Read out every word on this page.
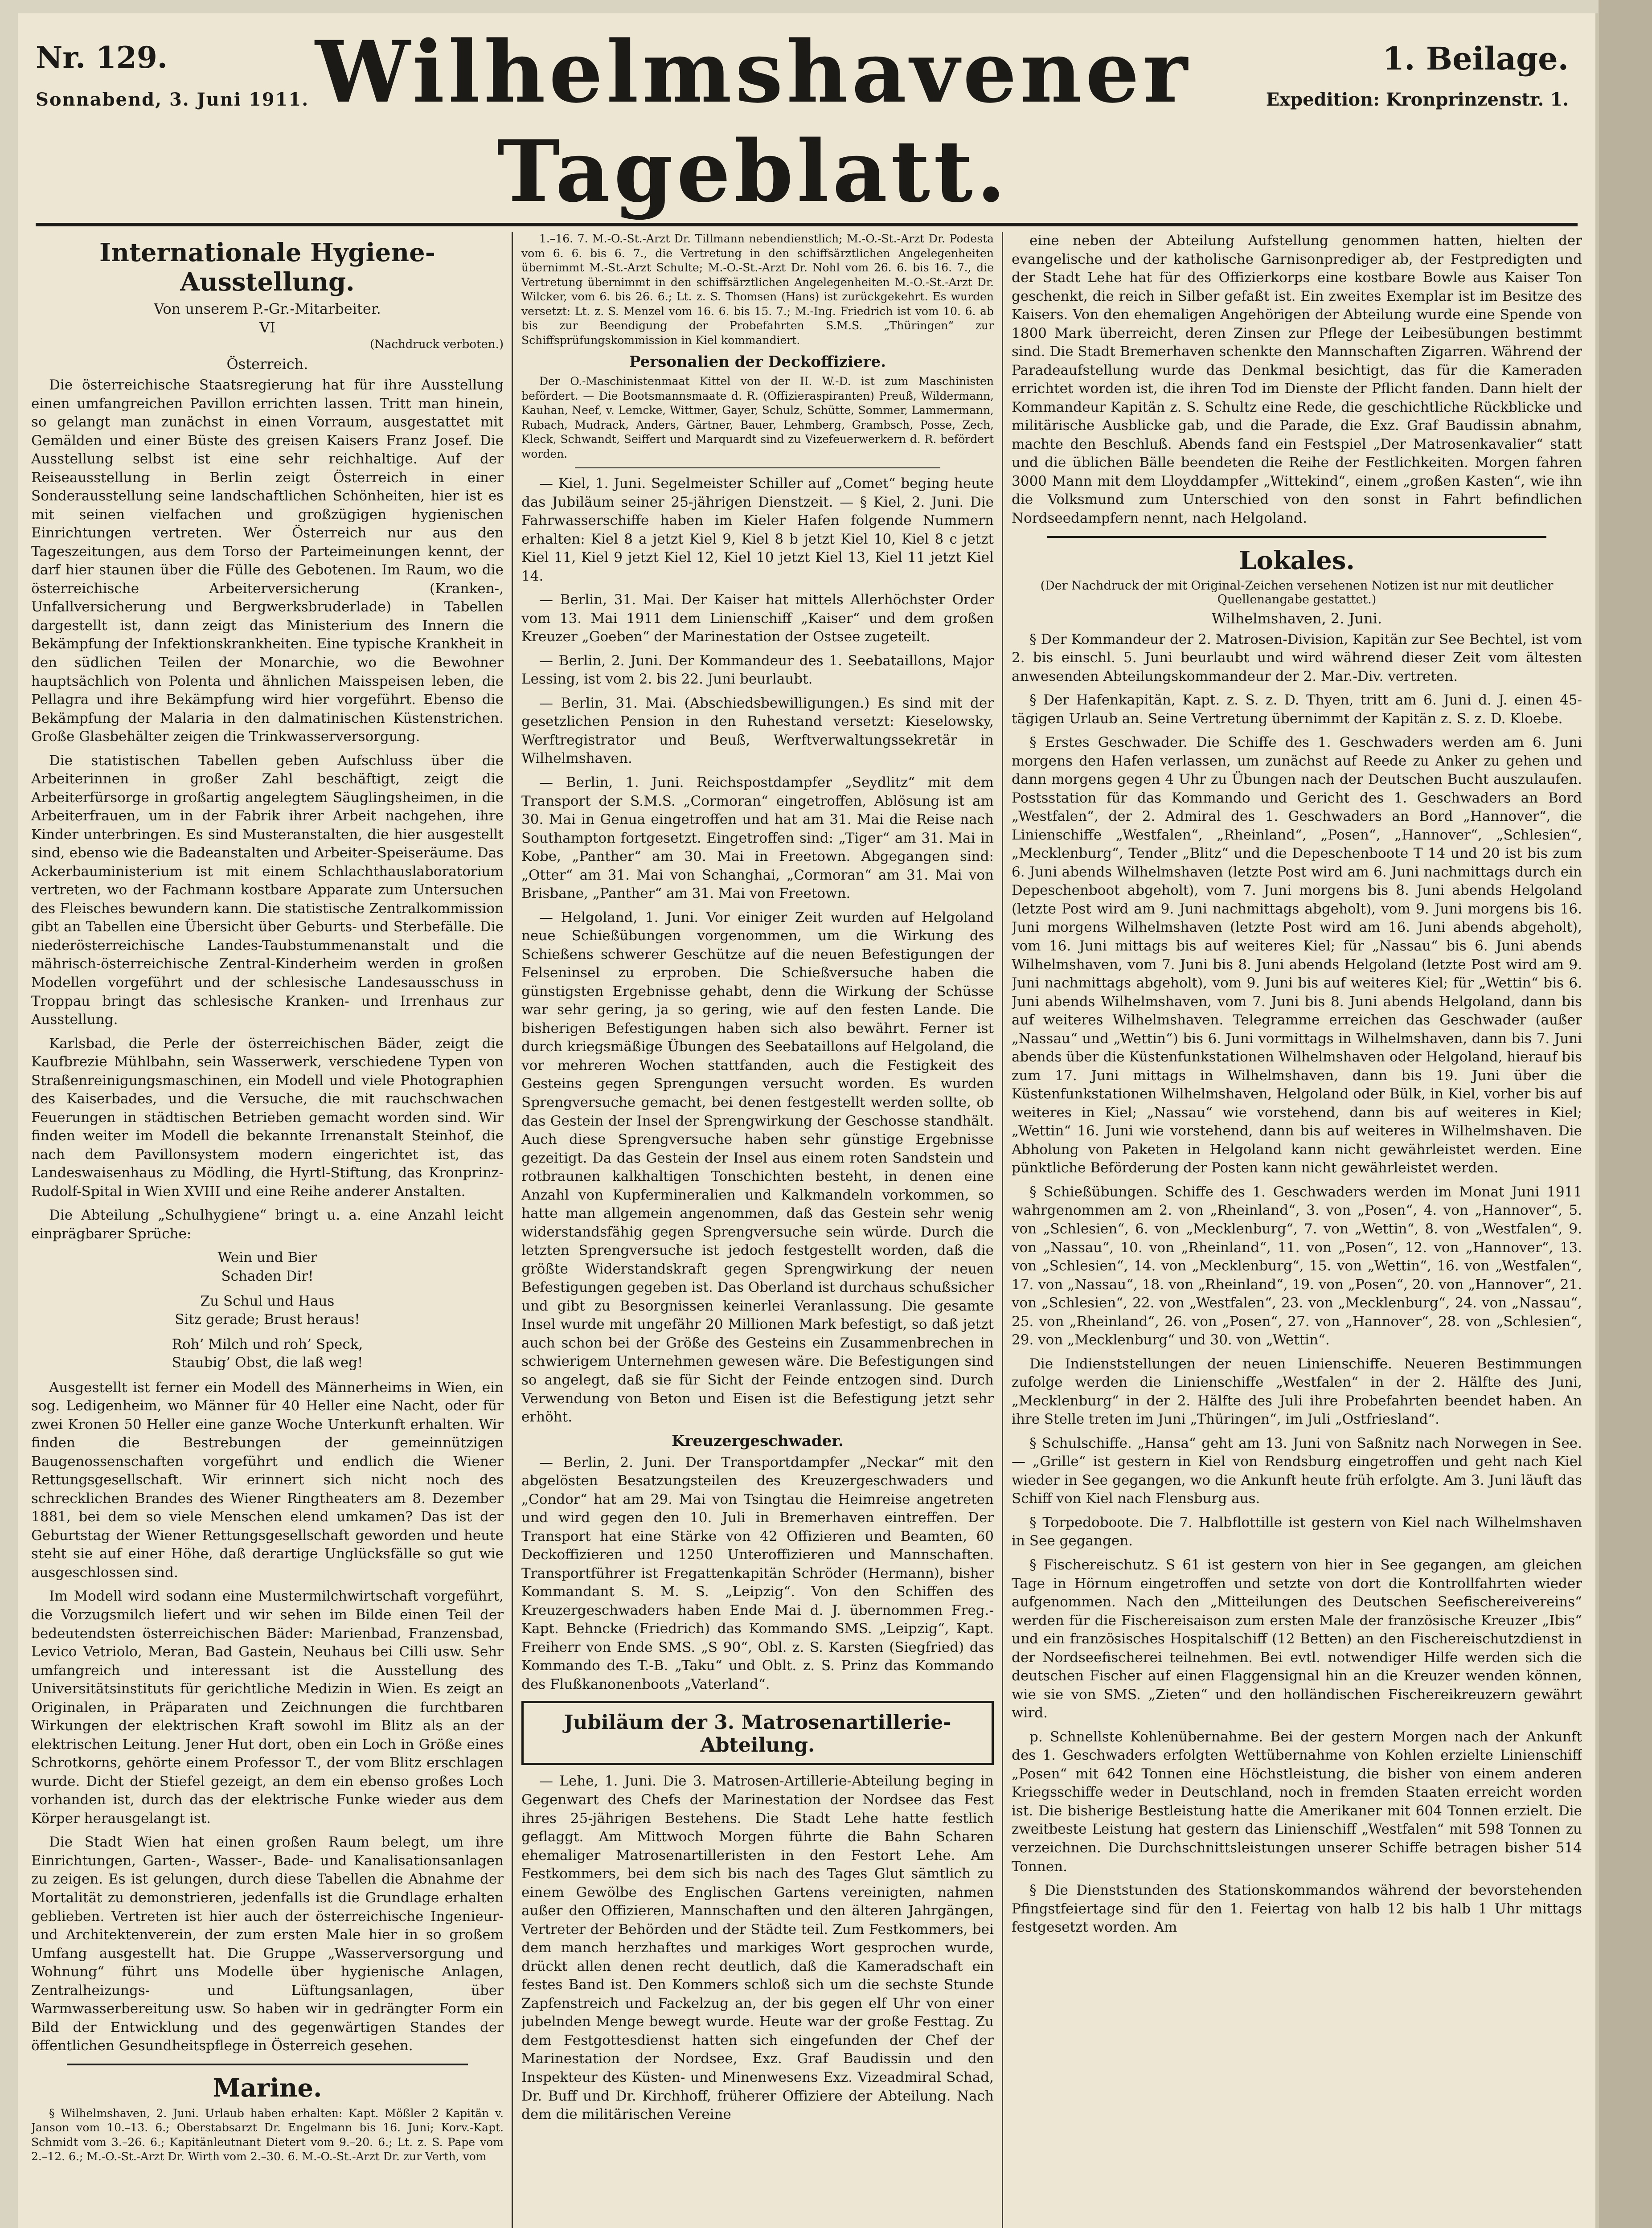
Nr. 129.
Sonnabend, 3. Juni 1911. Wilhelmshavener Tageblatt.
1. Beilage.
Expedition: Kronprinzenstr. 1.
Internationale Hygiene-Ausstellung.
Von unserem P.-Gr.-Mitarbeiter.
VI
(Nachdruck verboten.)
Österreich.

Die österreichische Staatsregierung hat für ihre Ausstellung einen umfangreichen Pavillon errichten lassen. Tritt man hinein, so gelangt man zunächst in einen Vorraum, ausgestattet mit Gemälden und einer Büste des greisen Kaisers Franz Josef. Die Ausstellung selbst ist eine sehr reichhaltige. Auf der Reiseausstellung in Berlin zeigt Österreich in einer Sonderausstellung seine landschaftlichen Schönheiten, hier ist es mit seinen vielfachen und großzügigen hygienischen Einrichtungen vertreten. Wer Österreich nur aus den Tageszeitungen, aus dem Torso der Parteimeinungen kennt, der darf hier staunen über die Fülle des Gebotenen. Im Raum, wo die österreichische Arbeiterversicherung (Kranken-, Unfallversicherung und Bergwerksbruderlade) in Tabellen dargestellt ist, dann zeigt das Ministerium des Innern die Bekämpfung der Infektionskrankheiten. Eine typische Krankheit in den südlichen Teilen der Monarchie, wo die Bewohner hauptsächlich von Polenta und ähnlichen Maisspeisen leben, die Pellagra und ihre Bekämpfung wird hier vorgeführt. Ebenso die Bekämpfung der Malaria in den dalmatinischen Küstenstrichen. Große Glasbehälter zeigen die Trinkwasserversorgung.

Die statistischen Tabellen geben Aufschluss über die Arbeiterinnen in großer Zahl beschäftigt, zeigt die Arbeiterfürsorge in großartig angelegtem Säuglingsheimen, in die Arbeiterfrauen, um in der Fabrik ihrer Arbeit nachgehen, ihre Kinder unterbringen. Es sind Musteranstalten, die hier ausgestellt sind, ebenso wie die Badeanstalten und Arbeiter-Speiseräume. Das Ackerbauministerium ist mit einem Schlachthauslaboratorium vertreten, wo der Fachmann kostbare Apparate zum Untersuchen des Fleisches bewundern kann. Die statistische Zentralkommission gibt an Tabellen eine Übersicht über Geburts- und Sterbefälle. Die niederösterreichische Landes-Taubstummenanstalt und die mährisch-österreichische Zentral-Kinderheim werden in großen Modellen vorgeführt und der schlesische Landesausschuss in Troppau bringt das schlesische Kranken- und Irrenhaus zur Ausstellung.

Karlsbad, die Perle der österreichischen Bäder, zeigt die Kaufbrezie Mühlbahn, sein Wasserwerk, verschiedene Typen von Straßenreinigungsmaschinen, ein Modell und viele Photographien des Kaiserbades, und die Versuche, die mit rauchschwachen Feuerungen in städtischen Betrieben gemacht worden sind. Wir finden weiter im Modell die bekannte Irrenanstalt Steinhof, die nach dem Pavillonsystem modern eingerichtet ist, das Landeswaisenhaus zu Mödling, die Hyrtl-Stiftung, das Kronprinz-Rudolf-Spital in Wien XVIII und eine Reihe anderer Anstalten.

Die Abteilung „Schulhygiene“ bringt u. a. eine Anzahl leicht einprägbarer Sprüche:

Wein und Bier
Schaden Dir!
Zu Schul und Haus
Sitz gerade; Brust heraus!
Roh’ Milch und roh’ Speck,
Staubig’ Obst, die laß weg!

Ausgestellt ist ferner ein Modell des Männerheims in Wien, ein sog. Ledigenheim, wo Männer für 40 Heller eine Nacht, oder für zwei Kronen 50 Heller eine ganze Woche Unterkunft erhalten. Wir finden die Bestrebungen der gemeinnützigen Baugenossenschaften vorgeführt und endlich die Wiener Rettungsgesellschaft. Wir erinnert sich nicht noch des schrecklichen Brandes des Wiener Ringtheaters am 8. Dezember 1881, bei dem so viele Menschen elend umkamen? Das ist der Geburtstag der Wiener Rettungsgesellschaft geworden und heute steht sie auf einer Höhe, daß derartige Unglücksfälle so gut wie ausgeschlossen sind.

Im Modell wird sodann eine Mustermilchwirtschaft vorgeführt, die Vorzugsmilch liefert und wir sehen im Bilde einen Teil der bedeutendsten österreichischen Bäder: Marienbad, Franzensbad, Levico Vetriolo, Meran, Bad Gastein, Neuhaus bei Cilli usw. Sehr umfangreich und interessant ist die Ausstellung des Universitätsinstituts für gerichtliche Medizin in Wien. Es zeigt an Originalen, in Präparaten und Zeichnungen die furchtbaren Wirkungen der elektrischen Kraft sowohl im Blitz als an der elektrischen Leitung. Jener Hut dort, oben ein Loch in Größe eines Schrotkorns, gehörte einem Professor T., der vom Blitz erschlagen wurde. Dicht der Stiefel gezeigt, an dem ein ebenso großes Loch vorhanden ist, durch das der elektrische Funke wieder aus dem Körper herausgelangt ist.

Die Stadt Wien hat einen großen Raum belegt, um ihre Einrichtungen, Garten-, Wasser-, Bade- und Kanalisationsanlagen zu zeigen. Es ist gelungen, durch diese Tabellen die Abnahme der Mortalität zu demonstrieren, jedenfalls ist die Grundlage erhalten geblieben. Vertreten ist hier auch der österreichische Ingenieur- und Architektenverein, der zum ersten Male hier in so großem Umfang ausgestellt hat. Die Gruppe „Wasserversorgung und Wohnung“ führt uns Modelle über hygienische Anlagen, Zentralheizungs- und Lüftungsanlagen, über Warmwasserbereitung usw. So haben wir in gedrängter Form ein Bild der Entwicklung und des gegenwärtigen Standes der öffentlichen Gesundheitspflege in Österreich gesehen.

Marine.

§ Wilhelmshaven, 2. Juni. Urlaub haben erhalten: Kapt. Mößler 2 Kapitän v. Janson vom 10.–13. 6.; Oberstabsarzt Dr. Engelmann bis 16. Juni; Korv.-Kapt. Schmidt vom 3.–26. 6.; Kapitänleutnant Dietert vom 9.–20. 6.; Lt. z. S. Pape vom 2.–12. 6.; M.-O.-St.-Arzt Dr. Wirth vom 2.–30. 6. M.-O.-St.-Arzt Dr. zur Verth, vom

1.–16. 7. M.-O.-St.-Arzt Dr. Tillmann nebendienstlich; M.-O.-St.-Arzt Dr. Podesta vom 6. 6. bis 6. 7., die Vertretung in den schiffsärztlichen Angelegenheiten übernimmt M.-St.-Arzt Schulte; M.-O.-St.-Arzt Dr. Nohl vom 26. 6. bis 16. 7., die Vertretung übernimmt in den schiffsärztlichen Angelegenheiten M.-O.-St.-Arzt Dr. Wilcker, vom 6. bis 26. 6.; Lt. z. S. Thomsen (Hans) ist zurückgekehrt. Es wurden versetzt: Lt. z. S. Menzel vom 16. 6. bis 15. 7.; M.-Ing. Friedrich ist vom 10. 6. ab bis zur Beendigung der Probefahrten S.M.S. „Thüringen“ zur Schiffsprüfungskommission in Kiel kommandiert.

Personalien der Deckoffiziere.

Der O.-Maschinistenmaat Kittel von der II. W.-D. ist zum Maschinisten befördert. — Die Bootsmannsmaate d. R. (Offizieraspiranten) Preuß, Wildermann, Kauhan, Neef, v. Lemcke, Wittmer, Gayer, Schulz, Schütte, Sommer, Lammermann, Rubach, Mudrack, Anders, Gärtner, Bauer, Lehmberg, Grambsch, Posse, Zech, Kleck, Schwandt, Seiffert und Marquardt sind zu Vizefeuerwerkern d. R. befördert worden.

— Kiel, 1. Juni. Segelmeister Schiller auf „Comet“ beging heute das Jubiläum seiner 25-jährigen Dienstzeit. — § Kiel, 2. Juni. Die Fahrwasserschiffe haben im Kieler Hafen folgende Nummern erhalten: Kiel 8 a jetzt Kiel 9, Kiel 8 b jetzt Kiel 10, Kiel 8 c jetzt Kiel 11, Kiel 9 jetzt Kiel 12, Kiel 10 jetzt Kiel 13, Kiel 11 jetzt Kiel 14.

— Berlin, 31. Mai. Der Kaiser hat mittels Allerhöchster Order vom 13. Mai 1911 dem Linienschiff „Kaiser“ und dem großen Kreuzer „Goeben“ der Marinestation der Ostsee zugeteilt.

— Berlin, 2. Juni. Der Kommandeur des 1. Seebataillons, Major Lessing, ist vom 2. bis 22. Juni beurlaubt.

— Berlin, 31. Mai. (Abschiedsbewilligungen.) Es sind mit der gesetzlichen Pension in den Ruhestand versetzt: Kieselowsky, Werftregistrator und Beuß, Werftverwaltungssekretär in Wilhelmshaven.

— Berlin, 1. Juni. Reichspostdampfer „Seydlitz“ mit dem Transport der S.M.S. „Cormoran“ eingetroffen, Ablösung ist am 30. Mai in Genua eingetroffen und hat am 31. Mai die Reise nach Southampton fortgesetzt. Eingetroffen sind: „Tiger“ am 31. Mai in Kobe, „Panther“ am 30. Mai in Freetown. Abgegangen sind: „Otter“ am 31. Mai von Schanghai, „Cormoran“ am 31. Mai von Brisbane, „Panther“ am 31. Mai von Freetown.

— Helgoland, 1. Juni. Vor einiger Zeit wurden auf Helgoland neue Schießübungen vorgenommen, um die Wirkung des Schießens schwerer Geschütze auf die neuen Befestigungen der Felseninsel zu erproben. Die Schießversuche haben die günstigsten Ergebnisse gehabt, denn die Wirkung der Schüsse war sehr gering, ja so gering, wie auf den festen Lande. Die bisherigen Befestigungen haben sich also bewährt. Ferner ist durch kriegsmäßige Übungen des Seebataillons auf Helgoland, die vor mehreren Wochen stattfanden, auch die Festigkeit des Gesteins gegen Sprengungen versucht worden. Es wurden Sprengversuche gemacht, bei denen festgestellt werden sollte, ob das Gestein der Insel der Sprengwirkung der Geschosse standhält. Auch diese Sprengversuche haben sehr günstige Ergebnisse gezeitigt. Da das Gestein der Insel aus einem roten Sandstein und rotbraunen kalkhaltigen Tonschichten besteht, in denen eine Anzahl von Kupfermineralien und Kalkmandeln vorkommen, so hatte man allgemein angenommen, daß das Gestein sehr wenig widerstandsfähig gegen Sprengversuche sein würde. Durch die letzten Sprengversuche ist jedoch festgestellt worden, daß die größte Widerstandskraft gegen Sprengwirkung der neuen Befestigungen gegeben ist. Das Oberland ist durchaus schußsicher und gibt zu Besorgnissen keinerlei Veranlassung. Die gesamte Insel wurde mit ungefähr 20 Millionen Mark befestigt, so daß jetzt auch schon bei der Größe des Gesteins ein Zusammenbrechen in schwierigem Unternehmen gewesen wäre. Die Befestigungen sind so angelegt, daß sie für Sicht der Feinde entzogen sind. Durch Verwendung von Beton und Eisen ist die Befestigung jetzt sehr erhöht.

Kreuzergeschwader.

— Berlin, 2. Juni. Der Transportdampfer „Neckar“ mit den abgelösten Besatzungsteilen des Kreuzergeschwaders und „Condor“ hat am 29. Mai von Tsingtau die Heimreise angetreten und wird gegen den 10. Juli in Bremerhaven eintreffen. Der Transport hat eine Stärke von 42 Offizieren und Beamten, 60 Deckoffizieren und 1250 Unteroffizieren und Mannschaften. Transportführer ist Fregattenkapitän Schröder (Hermann), bisher Kommandant S. M. S. „Leipzig“. Von den Schiffen des Kreuzergeschwaders haben Ende Mai d. J. übernommen Freg.-Kapt. Behncke (Friedrich) das Kommando SMS. „Leipzig“, Kapt. Freiherr von Ende SMS. „S 90“, Obl. z. S. Karsten (Siegfried) das Kommando des T.-B. „Taku“ und Oblt. z. S. Prinz das Kommando des Flußkanonenboots „Vaterland“.

Jubiläum der 3. Matrosenartillerie-Abteilung.

— Lehe, 1. Juni. Die 3. Matrosen-Artillerie-Abteilung beging in Gegenwart des Chefs der Marinestation der Nordsee das Fest ihres 25-jährigen Bestehens. Die Stadt Lehe hatte festlich geflaggt. Am Mittwoch Morgen führte die Bahn Scharen ehemaliger Matrosenartilleristen in den Festort Lehe. Am Festkommers, bei dem sich bis nach des Tages Glut sämtlich zu einem Gewölbe des Englischen Gartens vereinigten, nahmen außer den Offizieren, Mannschaften und den älteren Jahrgängen, Vertreter der Behörden und der Städte teil. Zum Festkommers, bei dem manch herzhaftes und markiges Wort gesprochen wurde, drückt allen denen recht deutlich, daß die Kameradschaft ein festes Band ist. Den Kommers schloß sich um die sechste Stunde Zapfenstreich und Fackelzug an, der bis gegen elf Uhr von einer jubelnden Menge bewegt wurde. Heute war der große Festtag. Zu dem Festgottesdienst hatten sich eingefunden der Chef der Marinestation der Nordsee, Exz. Graf Baudissin und den Inspekteur des Küsten- und Minenwesens Exz. Vizeadmiral Schad, Dr. Buff und Dr. Kirchhoff, früherer Offiziere der Abteilung. Nach dem die militärischen Vereine

eine neben der Abteilung Aufstellung genommen hatten, hielten der evangelische und der katholische Garnisonprediger ab, der Festpredigten und der Stadt Lehe hat für des Offizierkorps eine kostbare Bowle aus Kaiser Ton geschenkt, die reich in Silber gefaßt ist. Ein zweites Exemplar ist im Besitze des Kaisers. Von den ehemaligen Angehörigen der Abteilung wurde eine Spende von 1800 Mark überreicht, deren Zinsen zur Pflege der Leibesübungen bestimmt sind. Die Stadt Bremerhaven schenkte den Mannschaften Zigarren. Während der Paradeaufstellung wurde das Denkmal besichtigt, das für die Kameraden errichtet worden ist, die ihren Tod im Dienste der Pflicht fanden. Dann hielt der Kommandeur Kapitän z. S. Schultz eine Rede, die geschichtliche Rückblicke und militärische Ausblicke gab, und die Parade, die Exz. Graf Baudissin abnahm, machte den Beschluß. Abends fand ein Festspiel „Der Matrosenkavalier“ statt und die üblichen Bälle beendeten die Reihe der Festlichkeiten. Morgen fahren 3000 Mann mit dem Lloyddampfer „Wittekind“, einem „großen Kasten“, wie ihn die Volksmund zum Unterschied von den sonst in Fahrt befindlichen Nordseedampfern nennt, nach Helgoland.

Lokales.
(Der Nachdruck der mit Original-Zeichen versehenen Notizen ist nur mit deutlicher Quellenangabe gestattet.)
Wilhelmshaven, 2. Juni.

§ Der Kommandeur der 2. Matrosen-Division, Kapitän zur See Bechtel, ist vom 2. bis einschl. 5. Juni beurlaubt und wird während dieser Zeit vom ältesten anwesenden Abteilungskommandeur der 2. Mar.-Div. vertreten.

§ Der Hafenkapitän, Kapt. z. S. z. D. Thyen, tritt am 6. Juni d. J. einen 45-tägigen Urlaub an. Seine Vertretung übernimmt der Kapitän z. S. z. D. Kloebe.

§ Erstes Geschwader. Die Schiffe des 1. Geschwaders werden am 6. Juni morgens den Hafen verlassen, um zunächst auf Reede zu Anker zu gehen und dann morgens gegen 4 Uhr zu Übungen nach der Deutschen Bucht auszulaufen. Postsstation für das Kommando und Gericht des 1. Geschwaders an Bord „Westfalen“, der 2. Admiral des 1. Geschwaders an Bord „Hannover“, die Linienschiffe „Westfalen“, „Rheinland“, „Posen“, „Hannover“, „Schlesien“, „Mecklenburg“, Tender „Blitz“ und die Depeschenboote T 14 und 20 ist bis zum 6. Juni abends Wilhelmshaven (letzte Post wird am 6. Juni nachmittags durch ein Depeschenboot abgeholt), vom 7. Juni morgens bis 8. Juni abends Helgoland (letzte Post wird am 9. Juni nachmittags abgeholt), vom 9. Juni morgens bis 16. Juni morgens Wilhelmshaven (letzte Post wird am 16. Juni abends abgeholt), vom 16. Juni mittags bis auf weiteres Kiel; für „Nassau“ bis 6. Juni abends Wilhelmshaven, vom 7. Juni bis 8. Juni abends Helgoland (letzte Post wird am 9. Juni nachmittags abgeholt), vom 9. Juni bis auf weiteres Kiel; für „Wettin“ bis 6. Juni abends Wilhelmshaven, vom 7. Juni bis 8. Juni abends Helgoland, dann bis auf weiteres Wilhelmshaven. Telegramme erreichen das Geschwader (außer „Nassau“ und „Wettin“) bis 6. Juni vormittags in Wilhelmshaven, dann bis 7. Juni abends über die Küstenfunkstationen Wilhelmshaven oder Helgoland, hierauf bis zum 17. Juni mittags in Wilhelmshaven, dann bis 19. Juni über die Küstenfunkstationen Wilhelmshaven, Helgoland oder Bülk, in Kiel, vorher bis auf weiteres in Kiel; „Nassau“ wie vorstehend, dann bis auf weiteres in Kiel; „Wettin“ 16. Juni wie vorstehend, dann bis auf weiteres in Wilhelmshaven. Die Abholung von Paketen in Helgoland kann nicht gewährleistet werden. Eine pünktliche Beförderung der Posten kann nicht gewährleistet werden.

§ Schießübungen. Schiffe des 1. Geschwaders werden im Monat Juni 1911 wahrgenommen am 2. von „Rheinland“, 3. von „Posen“, 4. von „Hannover“, 5. von „Schlesien“, 6. von „Mecklenburg“, 7. von „Wettin“, 8. von „Westfalen“, 9. von „Nassau“, 10. von „Rheinland“, 11. von „Posen“, 12. von „Hannover“, 13. von „Schlesien“, 14. von „Mecklenburg“, 15. von „Wettin“, 16. von „Westfalen“, 17. von „Nassau“, 18. von „Rheinland“, 19. von „Posen“, 20. von „Hannover“, 21. von „Schlesien“, 22. von „Westfalen“, 23. von „Mecklenburg“, 24. von „Nassau“, 25. von „Rheinland“, 26. von „Posen“, 27. von „Hannover“, 28. von „Schlesien“, 29. von „Mecklenburg“ und 30. von „Wettin“.

Die Indienststellungen der neuen Linienschiffe. Neueren Bestimmungen zufolge werden die Linienschiffe „Westfalen“ in der 2. Hälfte des Juni, „Mecklenburg“ in der 2. Hälfte des Juli ihre Probefahrten beendet haben. An ihre Stelle treten im Juni „Thüringen“, im Juli „Ostfriesland“.

§ Schulschiffe. „Hansa“ geht am 13. Juni von Saßnitz nach Norwegen in See. — „Grille“ ist gestern in Kiel von Rendsburg eingetroffen und geht nach Kiel wieder in See gegangen, wo die Ankunft heute früh erfolgte. Am 3. Juni läuft das Schiff von Kiel nach Flensburg aus.

§ Torpedoboote. Die 7. Halbflottille ist gestern von Kiel nach Wilhelmshaven in See gegangen.

§ Fischereischutz. S 61 ist gestern von hier in See gegangen, am gleichen Tage in Hörnum eingetroffen und setzte von dort die Kontrollfahrten wieder aufgenommen. Nach den „Mitteilungen des Deutschen Seefischereivereins“ werden für die Fischereisaison zum ersten Male der französische Kreuzer „Ibis“ und ein französisches Hospitalschiff (12 Betten) an den Fischereischutzdienst in der Nordseefischerei teilnehmen. Bei evtl. notwendiger Hilfe werden sich die deutschen Fischer auf einen Flaggensignal hin an die Kreuzer wenden können, wie sie von SMS. „Zieten“ und den holländischen Fischereikreuzern gewährt wird.

p. Schnellste Kohlenübernahme. Bei der gestern Morgen nach der Ankunft des 1. Geschwaders erfolgten Wettübernahme von Kohlen erzielte Linienschiff „Posen“ mit 642 Tonnen eine Höchstleistung, die bisher von einem anderen Kriegsschiffe weder in Deutschland, noch in fremden Staaten erreicht worden ist. Die bisherige Bestleistung hatte die Amerikaner mit 604 Tonnen erzielt. Die zweitbeste Leistung hat gestern das Linienschiff „Westfalen“ mit 598 Tonnen zu verzeichnen. Die Durchschnittsleistungen unserer Schiffe betragen bisher 514 Tonnen.

§ Die Dienststunden des Stationskommandos während der bevorstehenden Pfingstfeiertage sind für den 1. Feiertag von halb 12 bis halb 1 Uhr mittags festgesetzt worden. Am
